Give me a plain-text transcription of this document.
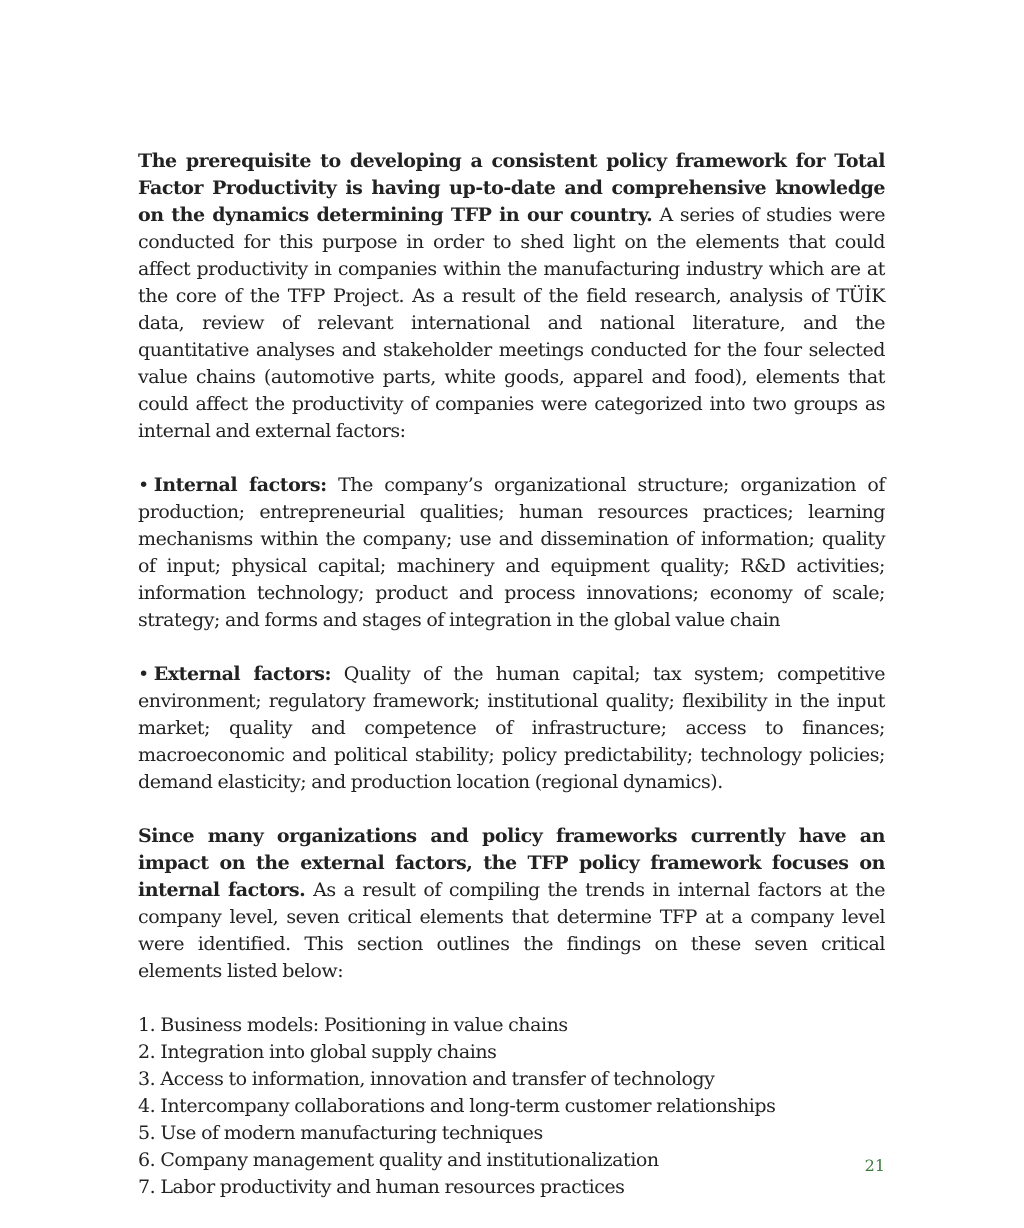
The prerequisite to developing a consistent policy framework for Total Factor Productivity is having up-to-date and comprehensive knowledge on the dynamics determining TFP in our country. A series of studies were conducted for this purpose in order to shed light on the elements that could affect productivity in companies within the manufacturing industry which are at the core of the TFP Project. As a result of the field research, analysis of TÜİK data, review of relevant international and national literature, and the quantitative analyses and stakeholder meetings conducted for the four selected value chains (automotive parts, white goods, apparel and food), elements that could affect the productivity of companies were categorized into two groups as internal and external factors:

• Internal factors: The company’s organizational structure; organization of production; entrepreneurial qualities; human resources practices; learning mechanisms within the company; use and dissemination of information; quality of input; physical capital; machinery and equipment quality; R&D activities; information technology; product and process innovations; economy of scale; strategy; and forms and stages of integration in the global value chain

• External factors: Quality of the human capital; tax system; competitive environment; regulatory framework; institutional quality; flexibility in the input market; quality and competence of infrastructure; access to finances; macroeconomic and political stability; policy predictability; technology policies; demand elasticity; and production location (regional dynamics).

Since many organizations and policy frameworks currently have an impact on the external factors, the TFP policy framework focuses on internal factors. As a result of compiling the trends in internal factors at the company level, seven critical elements that determine TFP at a company level were identified. This section outlines the findings on these seven critical elements listed below:

1. Business models: Positioning in value chains
2. Integration into global supply chains
3. Access to information, innovation and transfer of technology
4. Intercompany collaborations and long-term customer relationships
5. Use of modern manufacturing techniques
6. Company management quality and institutionalization
7. Labor productivity and human resources practices
21
